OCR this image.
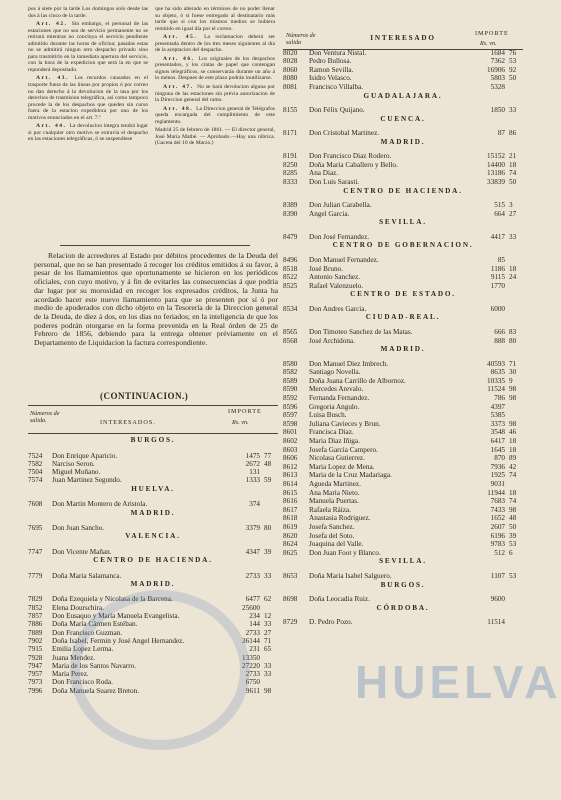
pos á siete por la tarde Los domingos solo desde las dos á las cinco de la tarde.

Art. 42. Sin embargo, el personal de las estaciones que no sea de servicio permanente no se retirará mientras no concluya el servicio pendiente admitido durante las horas de oficina; pasadas estas no se admitirá ningun otro despacho privado sino para trasmitirlo en la inmediata apertura del servicio, con la hora de la expedicion que será la en que se reponderá depositado.

Art. 43. Los recurdos causados en el trasporte fuera de las líneas por propios ó por correo no dan derecho á la devolucion de la tasa por los derechos de trasmision telegráfica, así como tampoco procede la de los despachos que queden sin curso fuera de la estacion expedidora por uno de los motivos enunciados en el art. 7.º

Art. 44. La devolucion íntegra tendrá lugar si por cualquier otro motivo se extravía el despacho en las estaciones telegráficas, ó se suspendiese

que ha sido alterado en términos de no poder llenar su objeto, ó si fuese entregado al destinatario más tarde que si con los mismos medios se hubiera remitido en igual día por el correo.

Art. 45. La reclamacion deberá ser presentada dentro de los tres meses siguientes al día de la aceptacion del despacho.

Art. 46. Los originales de los despachos presentados, y los cintas de papel que contengan signos telegráficos, se conservarán durante un año á lo ménos. Despues de este plazo podrán inutilizarse.

Art. 47. No se hará devolucion alguna por ninguna de las estaciones sin prévia autorizacion de la Direccion general del ramo.

Art. 48. La Direccion general de Telégrafos queda encargada del cumplimiento de este reglamento.

Madrid 25 de febrero de 1861. — El director general, José María Mathé. — Aprobado.—Hay una rúbrica. (Gaceta del 10 de Marzo.)

Relacion de acreedores al Estado por débitos procedentes de la Deuda del personal, que no se han presentado á recoger los créditos emitidos á su favor, á pesar de los llamamientos que oportunamente se hicieron en los periódicos oficiales, con cuyo motivo, y á fin de evitarles las consecuencias á que podria dar lugar por su morosidad en recoger los expresados créditos, la Junta ha acordado hacer este nuevo llamamiento para que se presenten por sí ó por medio de apoderados con dicho objeto en la Tesorería de la Direccion general de la Deuda, de diez á dos, en los dias no feriados; en la inteligencia de que los poderes podrán otorgarse en la forma prevenida en la Real órden de 25 de Febrero de 1856, debiendo para la entrega obtener préviamente en el Departamento de Liquidacion la factura correspondiente.

(CONTINUACION.)
Números de salida.	INTERESADOS.
IMPORTE
Rs. vn.
BURGOS.
7524 Don Enrique Aparicio.	1475 77
7582 Narciso Seron.	2672 48
7504 Miguel Muñano.	131
7574 Juan Martinez Segundo.	1333 59
HUELVA.
7608 Don Martin Montero de Aristola.	374
MADRID.
7695 Don Juan Sancho.	3379 80
VALENCIA.
7747 Don Vicente Mañan.	4347 39
CENTRO DE HACIENDA.
7779 Doña Maria Salamanca.	2733 33
MADRID.
7829 Doña Ezequiela y Nicolasa de la Barcena.	6477 62
7852 Elena Dourschira.	25600
7857 Don Eusaquo y María Manuela Evangelista.	234 12
7886 Doña María Cármen Estéban.	144 33
7889 Don Francisco Guzman.	2733 27
7902 Doña Isabel, Fermin y José Angel Hernandez.	36144 71
7915 Emilia Lopez Lerma.	231 65
7928 Juana Mendez.	13350
7947 Maria de los Santos Navarro.	27220 33
7957 Maria Perez.	2733 33
7973 Don Francisco Roda.	6750
7996 Doña Manuela Suarez Breton.	9611 98
Números de salida
IMPORTE
Rs. vn.
INTERESADO
8020 Don Ventura Nistal.	1684 76
8028 Pedro Bullosa.	7362 53
8060 Ramon Sevilla.	16906 92
8080 Isidro Velasco.	5803 50
8081 Francisco Villalba.	5328
GUADALAJARA.
8155 Don Félix Quijano.	1850 33
CUENCA.
8171 Don Cristobal Martinez.	87 86
MADRID.
8191 Don Francisco Diaz Rodero.	15152 21
8250 Doña Maria Caballero y Bello.	14400 18
8285 Ana Diaz.	13186 74
8333 Don Luis Sarasti.	33839 50
CENTRO DE HACIENDA.
8389 Don Julian Carabella.	515 3
8390 Angel Garcia.	664 27
SEVILLA.
8479 Don José Fernandez.	4417 33
CENTRO DE GOBERNACION.
8496 Don Manuel Fernandez.	85
8518 José Bruno.	1186 18
8522 Antonio Sanchez.	9115 24
8525 Rafael Valenzuelo.	1770
CENTRO DE ESTADO.
8534 Don Andres Garcia.	6000
CIUDAD-REAL.
8565 Don Timoteo Sanchez de las Matas.	666 83
8568 José Archidona.	888 80
MADRID.
8580 Don Manuel Diez Imbrech.	40593 71
8582 Santiago Novella.	8635 30
8589 Doña Juana Carrillo de Albornoz.	10335 9
8590 Mercedes Arevalo.	11524 98
8592 Fernanda Fernandez.	786 98
8596 Gregoria Angulo.	4397
8597 Luisa Busch.	5385
8598 Juliana Cavieces y Brun.	3373 98
8601 Francisca Diaz.	3548 46
8602 Maria Diaz Iñiga.	6417 18
8603 Josefa Garcia Campero.	1645 18
8606 Nicolasa Gutierrez.	870 89
8612 Maria Lopez de Mena.	7936 42
8613 Maria de la Cruz Madariaga.	1925 74
8614 Agueda Martinez.	9031
8615 Ana Maria Nieto.	11944 18
8616 Manuela Puertas.	7683 74
8617 Rafaela Ráiza.	7433 98
8618 Anastasia Rodriguez.	1652 48
8619 Josefa Sanchez.	2607 50
8620 Josefa del Soto.	6196 39
8624 Joaquina del Valle.	9783 53
8625 Don Juan Foot y Blanco.	512 6
SEVILLA.
8653 Doña Maria Isabel Salguero.	1107 53
BURGOS.
8698 Doña Leocadia Ruiz.	9600
CÓRDOBA.
8729 D. Pedro Pozo.	11514
HUELVA
